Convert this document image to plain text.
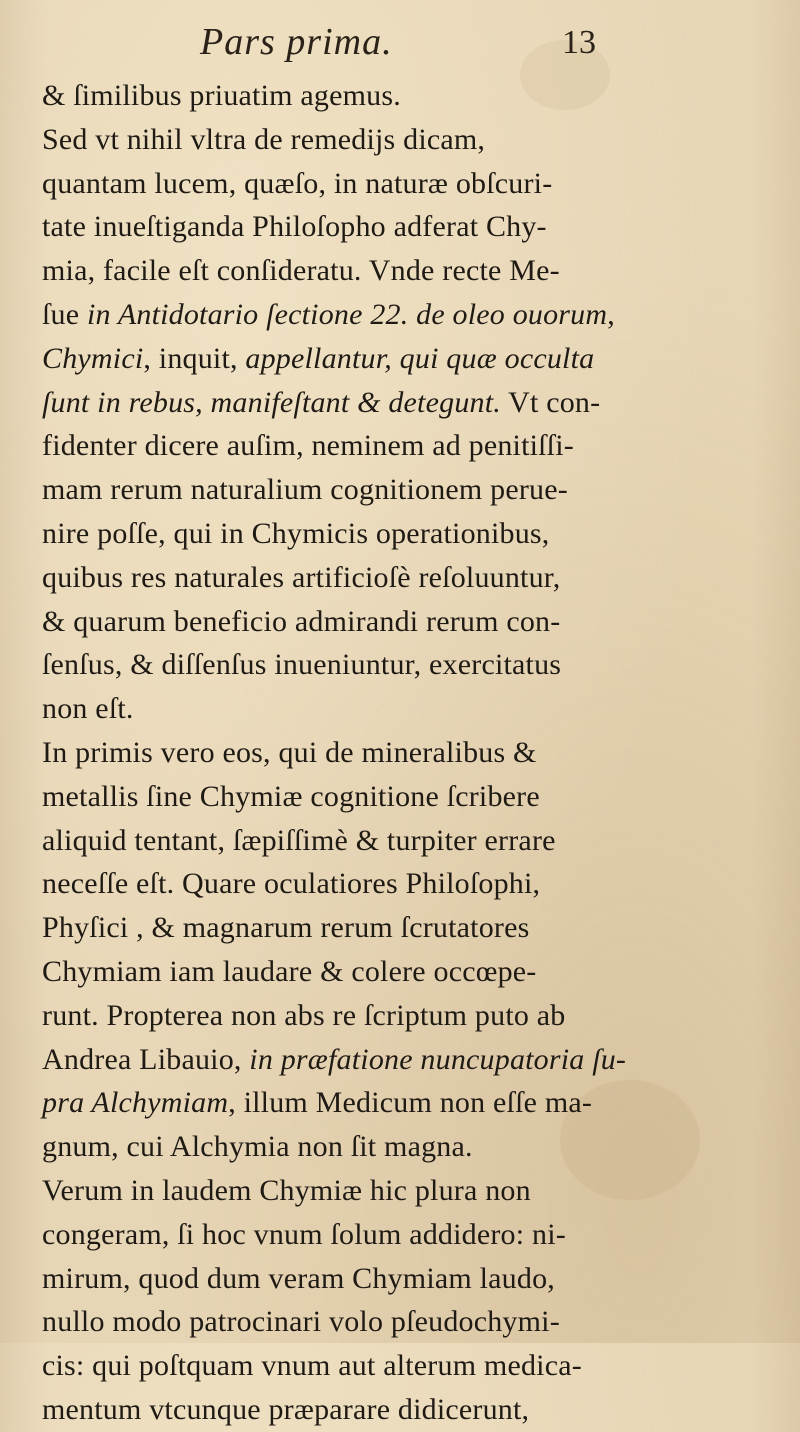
Pars prima.	13
& ſimilibus priuatim agemus.
Sed vt nihil vltra de remedijs dicam,
quantam lucem, quæſo, in naturæ obſcuri-
tate inueſtiganda Philoſopho adferat Chy-
mia, facile eſt conſideratu. Vnde recte Me-
ſue in Antidotario ſectione 22. de oleo ouorum,
Chymici, inquit, appellantur, qui quæ occulta
ſunt in rebus, manifeſtant & detegunt. Vt con-
fidenter dicere auſim, neminem ad penitiſſi-
mam rerum naturalium cognitionem perue-
nire poſſe, qui in Chymicis operationibus,
quibus res naturales artificioſè reſoluuntur,
& quarum beneficio admirandi rerum con-
ſenſus, & diſſenſus inueniuntur, exercitatus
non eſt.
In primis vero eos, qui de mineralibus &
metallis ſine Chymiæ cognitione ſcribere
aliquid tentant, ſæpiſſimè & turpiter errare
neceſſe eſt. Quare oculatiores Philoſophi,
Phyſici , & magnarum rerum ſcrutatores
Chymiam iam laudare & colere occœpe-
runt. Propterea non abs re ſcriptum puto ab
Andrea Libauio, in præfatione nuncupatoria ſu-
pra Alchymiam, illum Medicum non eſſe ma-
gnum, cui Alchymia non ſit magna.
Verum in laudem Chymiæ hic plura non
congeram, ſi hoc vnum ſolum addidero: ni-
mirum, quod dum veram Chymiam laudo,
nullo modo patrocinari volo pſeudochymi-
cis: qui poſtquam vnum aut alterum medica-
mentum vtcunque præparare didicerunt,
